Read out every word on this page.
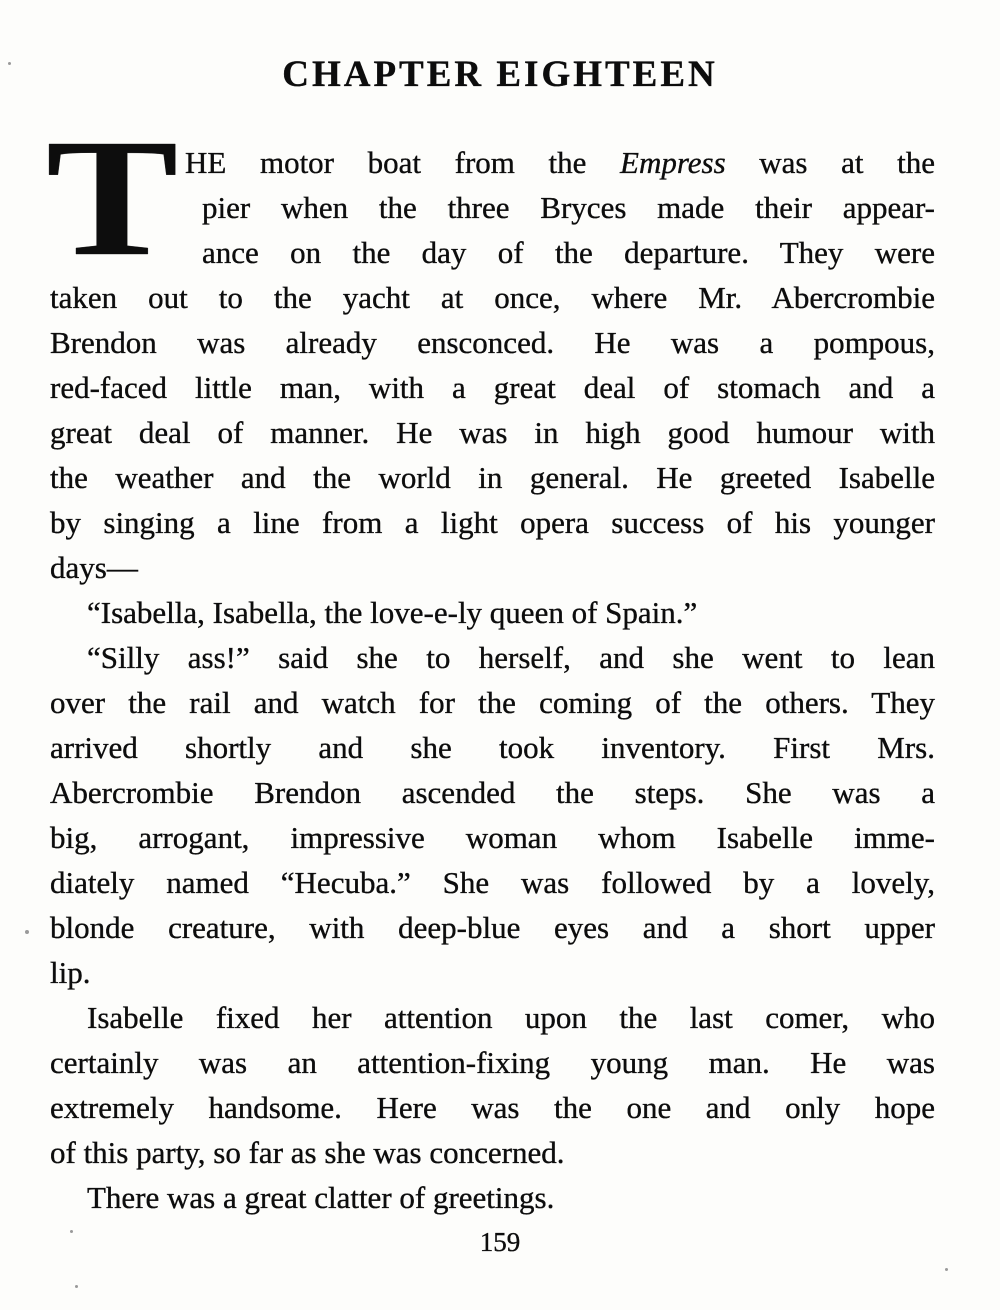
CHAPTER EIGHTEEN
T HE motor boat from the Empress was at the
pier when the three Bryces made their appear-
ance on the day of the departure. They were
taken out to the yacht at once, where Mr. Abercrombie
Brendon was already ensconced. He was a pompous,
red-faced little man, with a great deal of stomach and a
great deal of manner. He was in high good humour with
the weather and the world in general. He greeted Isabelle
by singing a line from a light opera success of his younger
days—
“Isabella, Isabella, the love-e-ly queen of Spain.”
“Silly ass!” said she to herself, and she went to lean
over the rail and watch for the coming of the others. They
arrived shortly and she took inventory. First Mrs.
Abercrombie Brendon ascended the steps. She was a
big, arrogant, impressive woman whom Isabelle imme-
diately named “Hecuba.” She was followed by a lovely,
blonde creature, with deep-blue eyes and a short upper
lip.
Isabelle fixed her attention upon the last comer, who
certainly was an attention-fixing young man. He was
extremely handsome. Here was the one and only hope
of this party, so far as she was concerned.
There was a great clatter of greetings.
159
